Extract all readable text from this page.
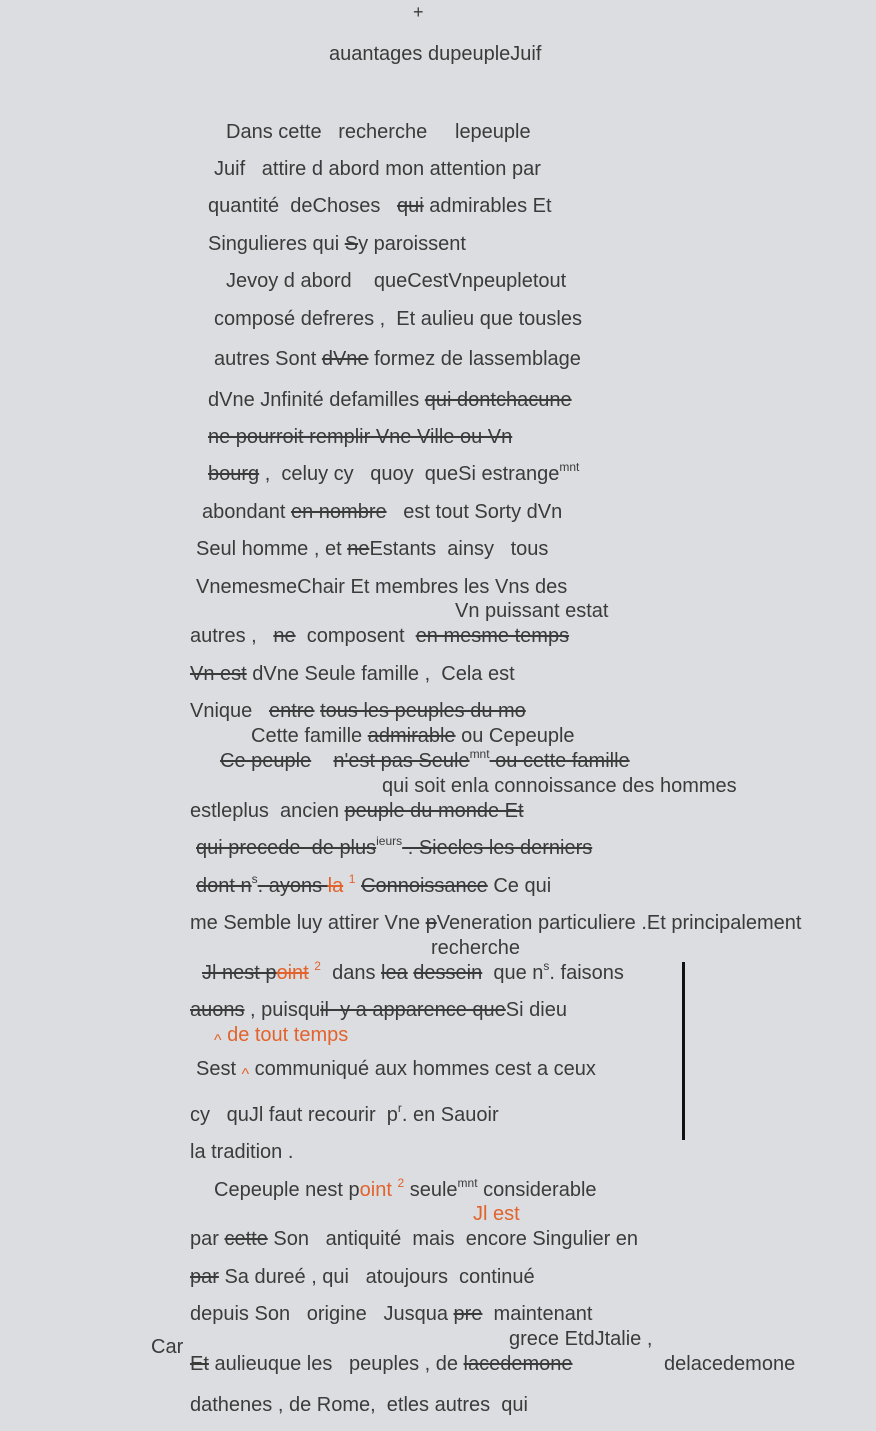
+
auantages dupeupleJuif
Dans cette   recherche     lepeuple
Juif   attire d abord mon attention par
quantité  deChoses   qui admirables Et
Singulieres qui Sy paroissent
Jevoy d abord    queCestVnpeupletout
composé defreres ,  Et aulieu que tousles
autres Sont dVne formez de lassemblage
dVne Jnfinité defamilles qui dontchacune
ne pourroit remplir Vne Ville ou Vn
bourg ,  celuy cy   quoy  queSi estrange$^{mnt}$
abondant en nombre   est tout Sorty dVn
Seul homme , et neEstants  ainsy   tous
VnemesmeChair Et membres les Vns des
Vn puissant estat
autres ,   ne  composent  en mesme temps
Vn est dVne Seule famille ,  Cela est
Vnique   entre tous les peuples du mo
Cette famille admirable ou Cepeuple
Ce peuple n'est pas Seule$^{mnt}$ ou cette famille
qui soit enla connoissance des hommes
estleplus  ancien peuple du monde Et
qui precede  de plus$^{ieurs}$ . Siecles les derniers
dont $n^s$. ayons la $^1$ Connoissance Ce qui
me Semble luy attirer Vne pVeneration particuliere .Et principalement
recherche
Jl nest point $^2$  dans lea dessein  que $n^s$. faisons
auons , puisquil  y a apparence queSi dieu
$_{\^{}}$ de tout temps
Sest $_{\^{}}$ communiqué aux hommes cest a ceux
cy   quJl faut recourir  $p^r$. en Sauoir
la tradition .
Cepeuple nest point $^2$ seule$^{mnt}$ considerable
Jl est
par cette Son   antiquité  mais  encore Singulier en
par Sa dureé , qui   atoujours  continué
depuis Son   origine   Jusqua pre  maintenant
grece EtdJtalie ,
Et aulieuque les   peuples , de lacedemone	delacedemone
dathenes , de Rome,  etles autres  qui
Car
